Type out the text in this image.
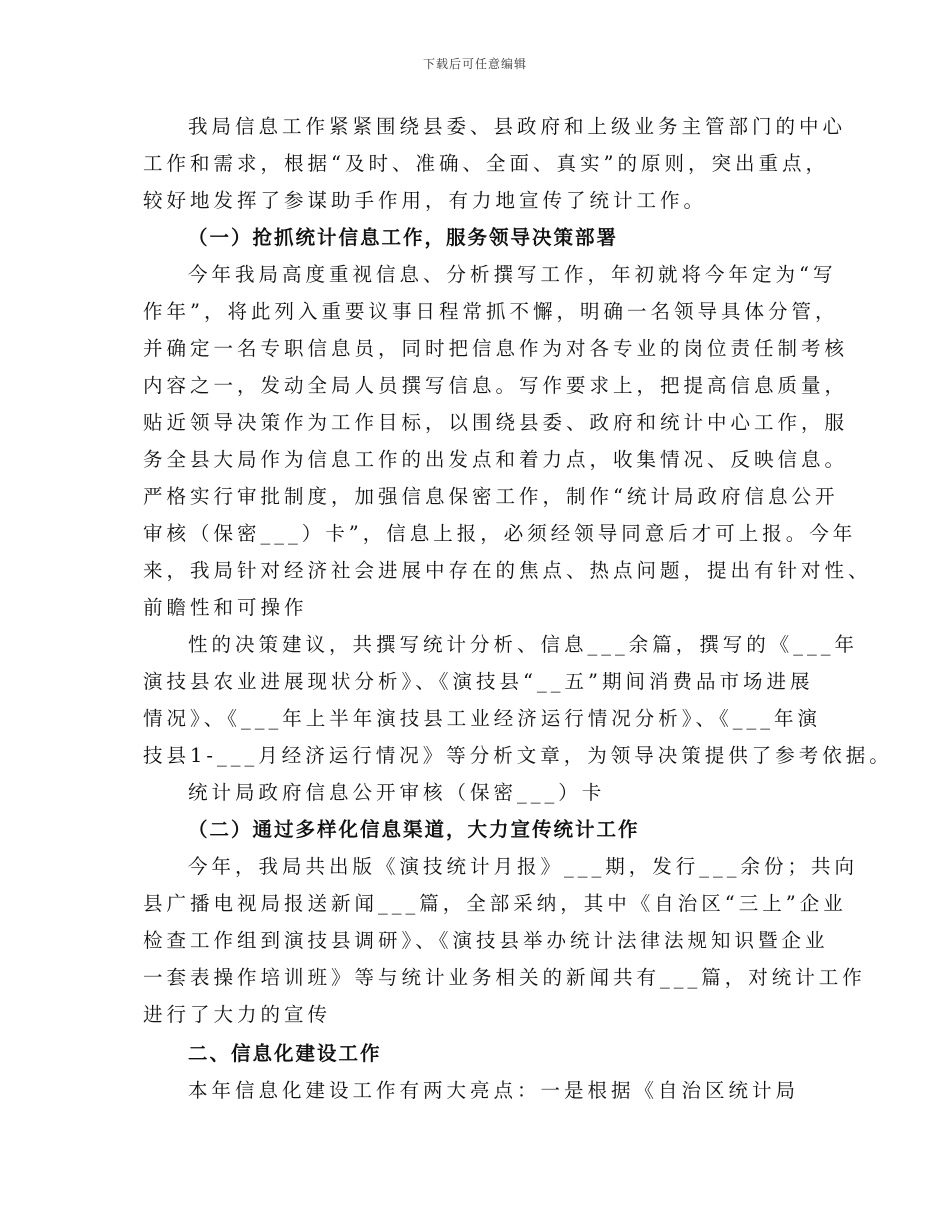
下载后可任意编辑
我局信息工作紧紧围绕县委、县政府和上级业务主管部门的中心
工作和需求，根据“及时、准确、全面、真实”的原则，突出重点，
较好地发挥了参谋助手作用，有力地宣传了统计工作。
（一）抢抓统计信息工作，服务领导决策部署
今年我局高度重视信息、分析撰写工作，年初就将今年定为“写
作年”，将此列入重要议事日程常抓不懈，明确一名领导具体分管，
并确定一名专职信息员，同时把信息作为对各专业的岗位责任制考核
内容之一，发动全局人员撰写信息。写作要求上，把提高信息质量，
贴近领导决策作为工作目标，以围绕县委、政府和统计中心工作，服
务全县大局作为信息工作的出发点和着力点，收集情况、反映信息。
严格实行审批制度，加强信息保密工作，制作“统计局政府信息公开
审核（保密___）卡”，信息上报，必须经领导同意后才可上报。今年
来，我局针对经济社会进展中存在的焦点、热点问题，提出有针对性、
前瞻性和可操作
性的决策建议，共撰写统计分析、信息___余篇，撰写的《___年
演技县农业进展现状分析》、《演技县“__五”期间消费品市场进展
情况》、《___年上半年演技县工业经济运行情况分析》、《___年演
技县1-___月经济运行情况》等分析文章，为领导决策提供了参考依据。
统计局政府信息公开审核（保密___）卡
（二）通过多样化信息渠道，大力宣传统计工作
今年，我局共出版《演技统计月报》___期，发行___余份；共向
县广播电视局报送新闻___篇，全部采纳，其中《自治区“三上”企业
检查工作组到演技县调研》、《演技县举办统计法律法规知识暨企业
一套表操作培训班》等与统计业务相关的新闻共有___篇，对统计工作
进行了大力的宣传
二、信息化建设工作
本年信息化建设工作有两大亮点：一是根据《自治区统计局
